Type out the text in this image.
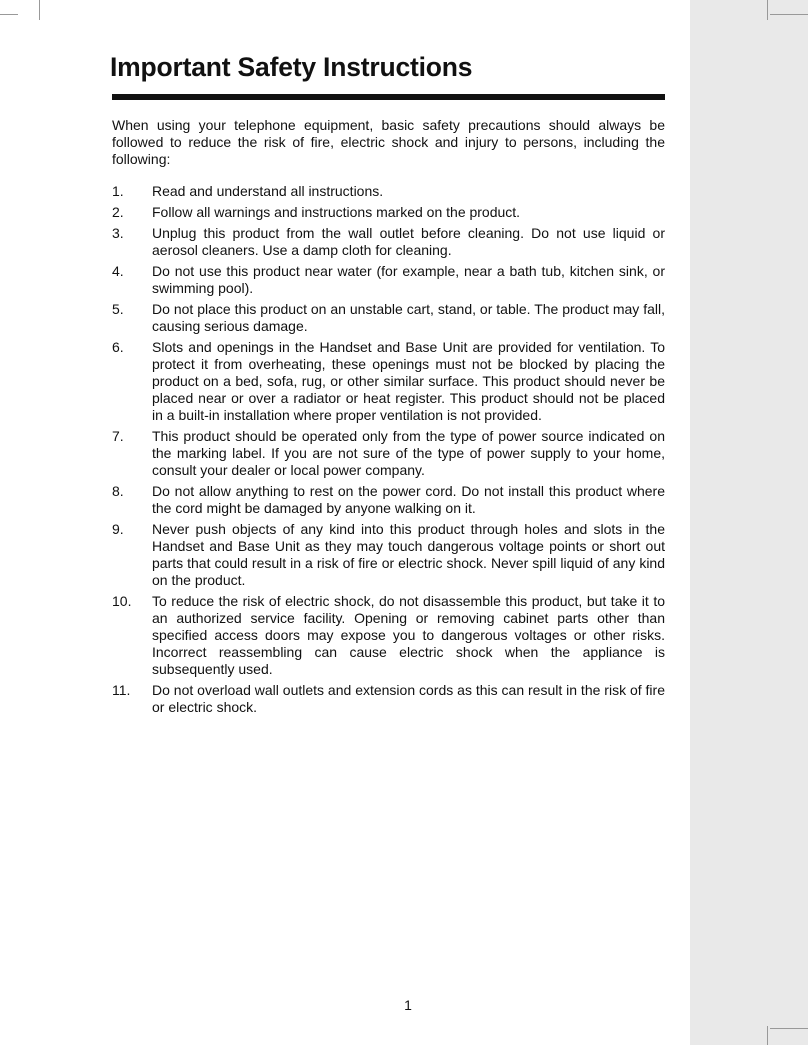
Important Safety Instructions

When using your telephone equipment, basic safety precautions should always be followed to reduce the risk of fire, electric shock and injury to persons, including the following:

1. Read and understand all instructions.
2. Follow all warnings and instructions marked on the product.
3. Unplug this product from the wall outlet before cleaning. Do not use liquid or aerosol cleaners. Use a damp cloth for cleaning.
4. Do not use this product near water (for example, near a bath tub, kitchen sink, or swimming pool).
5. Do not place this product on an unstable cart, stand, or table. The product may fall, causing serious damage.
6. Slots and openings in the Handset and Base Unit are provided for ventilation. To protect it from overheating, these openings must not be blocked by placing the product on a bed, sofa, rug, or other similar surface. This product should never be placed near or over a radiator or heat register. This product should not be placed in a built-in installation where proper ventilation is not provided.
7. This product should be operated only from the type of power source indicated on the marking label. If you are not sure of the type of power supply to your home, consult your dealer or local power company.
8. Do not allow anything to rest on the power cord. Do not install this product where the cord might be damaged by anyone walking on it.
9. Never push objects of any kind into this product through holes and slots in the Handset and Base Unit as they may touch dangerous voltage points or short out parts that could result in a risk of fire or electric shock. Never spill liquid of any kind on the product.
10. To reduce the risk of electric shock, do not disassemble this product, but take it to an authorized service facility. Opening or removing cabinet parts other than specified access doors may expose you to dangerous voltages or other risks. Incorrect reassembling can cause electric shock when the appliance is subsequently used.
11. Do not overload wall outlets and extension cords as this can result in the risk of fire or electric shock.
1
